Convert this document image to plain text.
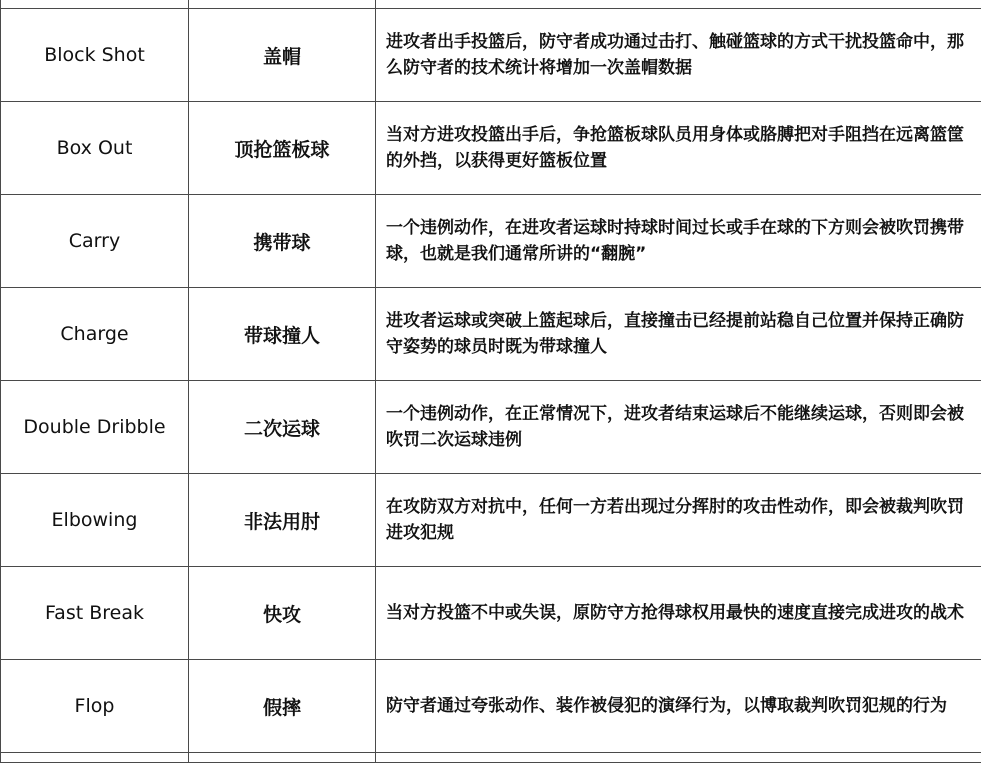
Block Shot	盖帽	进攻者出手投篮后，防守者成功通过击打、触碰篮球的方式干扰投篮命中，那么防守者的技术统计将增加一次盖帽数据

Box Out	顶抢篮板球	当对方进攻投篮出手后，争抢篮板球队员用身体或胳膊把对手阻挡在远离篮筐的外挡，以获得更好篮板位置

Carry	携带球	一个违例动作，在进攻者运球时持球时间过长或手在球的下方则会被吹罚携带球，也就是我们通常所讲的“翻腕”

Charge	带球撞人	进攻者运球或突破上篮起球后，直接撞击已经提前站稳自己位置并保持正确防守姿势的球员时既为带球撞人

Double Dribble	二次运球	一个违例动作，在正常情况下，进攻者结束运球后不能继续运球，否则即会被吹罚二次运球违例

Elbowing	非法用肘	在攻防双方对抗中，任何一方若出现过分挥肘的攻击性动作，即会被裁判吹罚进攻犯规

Fast Break	快攻	当对方投篮不中或失误，原防守方抢得球权用最快的速度直接完成进攻的战术

Flop	假摔	防守者通过夸张动作、装作被侵犯的演绎行为，以博取裁判吹罚犯规的行为
